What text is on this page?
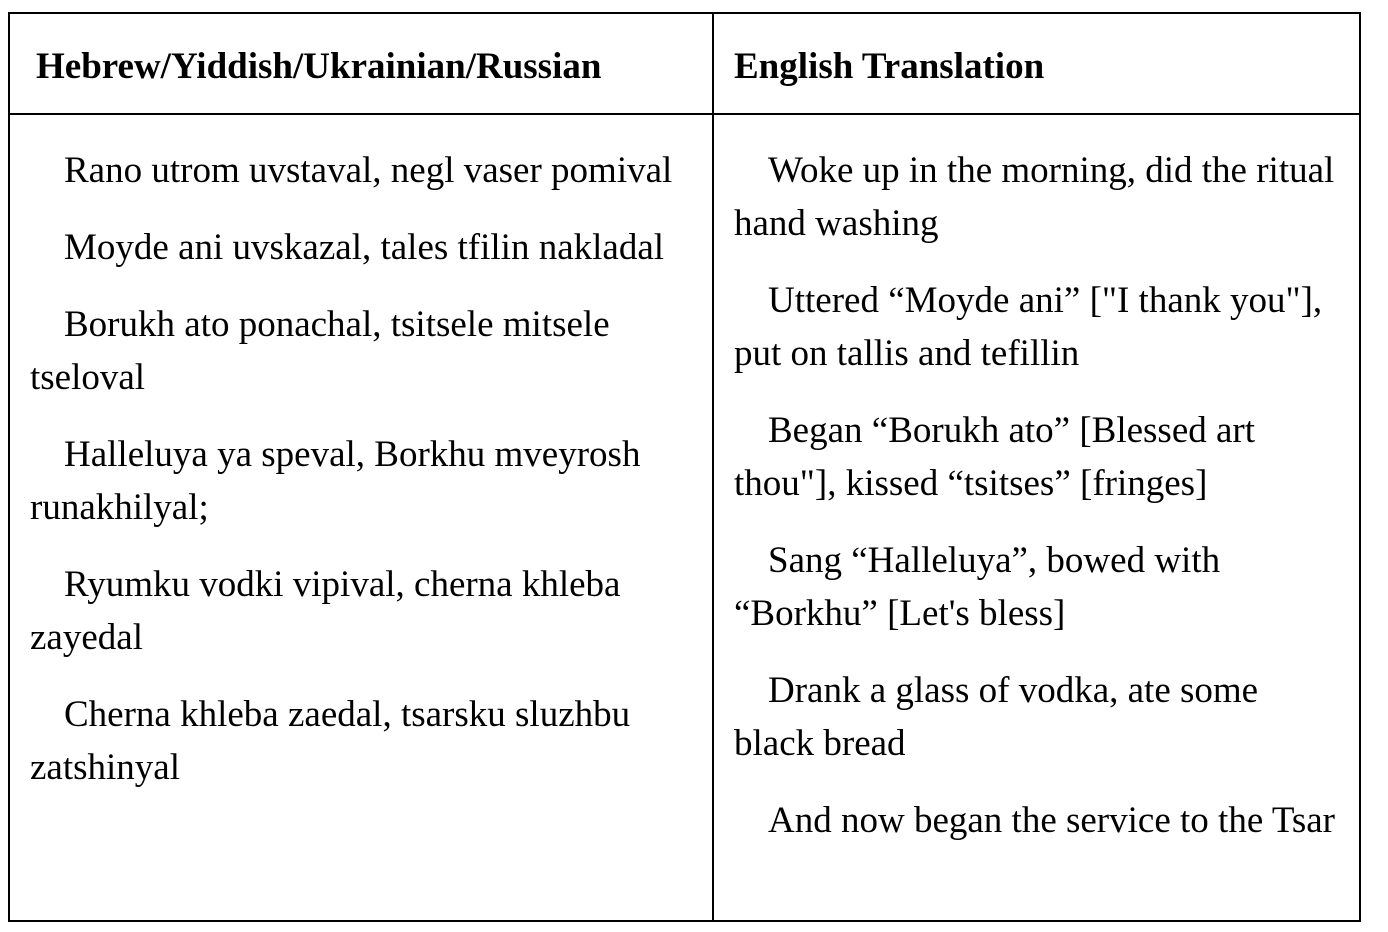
Hebrew/Yiddish/Ukrainian/Russian	English Translation

Rano utrom uvstaval, negl vaser pomival

Moyde ani uvskazal, tales tfilin nakladal

Borukh ato ponachal, tsitsele mitsele tseloval

Halleluya ya speval, Borkhu mveyrosh runakhilyal;

Ryumku vodki vipival, cherna khleba zayedal

Cherna khleba zaedal, tsarsku sluzhbu zatshinyal

Woke up in the morning, did the ritual hand washing

Uttered “Moyde ani” ["I thank you"], put on tallis and tefillin

Began “Borukh ato” [Blessed art thou"], kissed “tsitses” [fringes]

Sang “Halleluya”, bowed with “Borkhu” [Let's bless]

Drank a glass of vodka, ate some black bread

And now began the service to the Tsar
